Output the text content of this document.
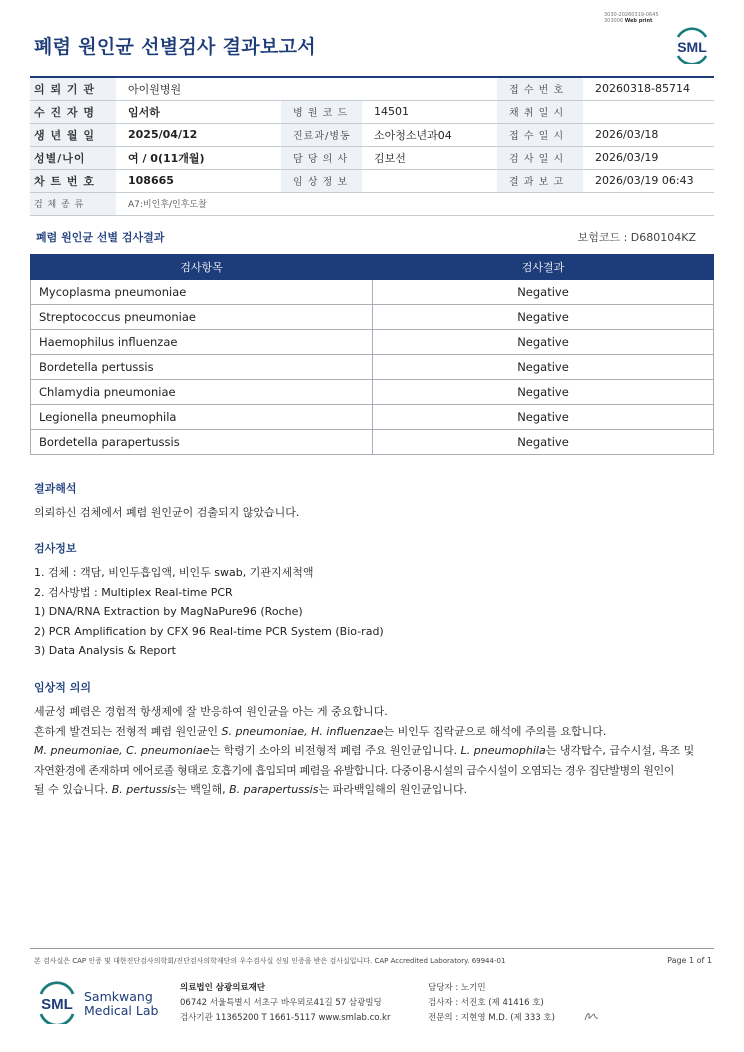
3030-20260319-0645
303006 Web print
폐렴 원인균 선별검사 결과보고서	SML
의 뢰 기 관	아이원병원			접 수 번 호	20260318-85714
수 진 자 명	임서하	병 원 코 드	14501	채 취 일 시	
생 년 월 일	2025/04/12	진료과/병동	소아청소년과04	접 수 일 시	2026/03/18
성별/나이	여 / 0(11개월)	담 당 의 사	김보선	검 사 일 시	2026/03/19
차 트 번 호	108665	임 상 정 보		결 과 보 고	2026/03/19 06:43
검 체 종 류	A7:비인후/인후도찰				
폐렴 원인균 선별 검사결과	보험코드 : D680104KZ
검사항목	검사결과
Mycoplasma pneumoniae	Negative
Streptococcus pneumoniae	Negative
Haemophilus influenzae	Negative
Bordetella pertussis	Negative
Chlamydia pneumoniae	Negative
Legionella pneumophila	Negative
Bordetella parapertussis	Negative
결과해석

의뢰하신 검체에서 폐렴 원인균이 검출되지 않았습니다.

검사정보

1. 검체 : 객담, 비인두흡입액, 비인두 swab, 기관지세척액

2. 검사방법 : Multiplex Real-time PCR

1) DNA/RNA Extraction by MagNaPure96 (Roche)

2) PCR Amplification by CFX 96 Real-time PCR System (Bio-rad)

3) Data Analysis & Report

임상적 의의

세균성 폐렴은 경험적 항생제에 잘 반응하여 원인균을 아는 게 중요합니다.

흔하게 발견되는 전형적 폐렴 원인균인 S. pneumoniae, H. influenzae는 비인두 집락균으로 해석에 주의를 요합니다.

M. pneumoniae, C. pneumoniae는 학령기 소아의 비전형적 폐렴 주요 원인균입니다. L. pneumophila는 냉각탑수, 급수시설, 욕조 및

자연환경에 존재하며 에어로졸 형태로 호흡기에 흡입되며 폐렴을 유발합니다. 다중이용시설의 급수시설이 오염되는 경우 집단발병의 원인이

될 수 있습니다. B. pertussis는 백일해, B. parapertussis는 파라백일해의 원인균입니다.

본 검사실은 CAP 인증 및 대한진단검사의학회/진단검사의학재단의 우수검사실 신임 인증을 받은 검사실입니다. CAP Accredited Laboratory. 69944-01	Page 1 of 1
SML Samkwang
Medical Lab
의료법인 삼광의료재단
06742 서울특별시 서초구 바우뫼로41길 57 삼광빌딩
검사기관 11365200 T 1661-5117 www.smlab.co.kr
담당자 : 노기민
검사자 : 서진호 (제 41416 호)
전문의 : 지현영 M.D. (제 333 호)
